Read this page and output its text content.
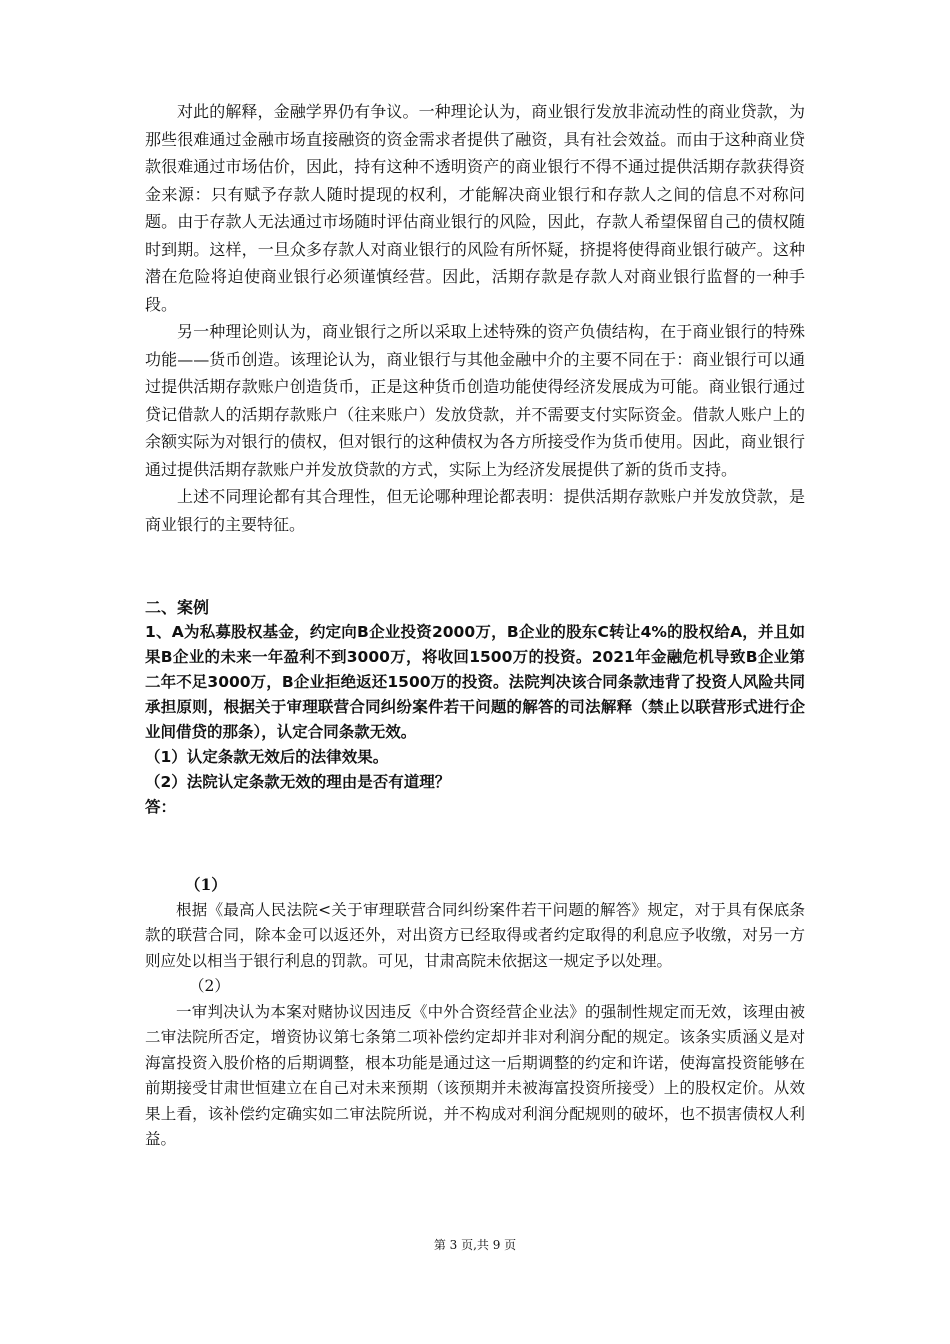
对此的解释，金融学界仍有争议。一种理论认为，商业银行发放非流动性的商业贷款，为那些很难通过金融市场直接融资的资金需求者提供了融资，具有社会效益。而由于这种商业贷款很难通过市场估价，因此，持有这种不透明资产的商业银行不得不通过提供活期存款获得资金来源：只有赋予存款人随时提现的权利，才能解决商业银行和存款人之间的信息不对称问题。由于存款人无法通过市场随时评估商业银行的风险，因此，存款人希望保留自己的债权随时到期。这样，一旦众多存款人对商业银行的风险有所怀疑，挤提将使得商业银行破产。这种潜在危险将迫使商业银行必须谨慎经营。因此，活期存款是存款人对商业银行监督的一种手段。

另一种理论则认为，商业银行之所以采取上述特殊的资产负债结构，在于商业银行的特殊功能——货币创造。该理论认为，商业银行与其他金融中介的主要不同在于：商业银行可以通过提供活期存款账户创造货币，正是这种货币创造功能使得经济发展成为可能。商业银行通过贷记借款人的活期存款账户（往来账户）发放贷款，并不需要支付实际资金。借款人账户上的余额实际为对银行的债权，但对银行的这种债权为各方所接受作为货币使用。因此，商业银行通过提供活期存款账户并发放贷款的方式，实际上为经济发展提供了新的货币支持。

上述不同理论都有其合理性，但无论哪种理论都表明：提供活期存款账户并发放贷款，是商业银行的主要特征。

二、案例

1、A为私募股权基金，约定向B企业投资2000万，B企业的股东C转让4%的股权给A，并且如果B企业的未来一年盈利不到3000万，将收回1500万的投资。2021年金融危机导致B企业第二年不足3000万，B企业拒绝返还1500万的投资。法院判决该合同条款违背了投资人风险共同承担原则，根据关于审理联营合同纠纷案件若干问题的解答的司法解释（禁止以联营形式进行企业间借贷的那条），认定合同条款无效。

（1）认定条款无效后的法律效果。

（2）法院认定条款无效的理由是否有道理？

答：

（1）

根据《最高人民法院<关于审理联营合同纠纷案件若干问题的解答》规定，对于具有保底条款的联营合同，除本金可以返还外，对出资方已经取得或者约定取得的利息应予收缴，对另一方则应处以相当于银行利息的罚款。可见，甘肃高院未依据这一规定予以处理。

（2）

一审判决认为本案对赌协议因违反《中外合资经营企业法》的强制性规定而无效，该理由被二审法院所否定，增资协议第七条第二项补偿约定却并非对利润分配的规定。该条实质涵义是对海富投资入股价格的后期调整，根本功能是通过这一后期调整的约定和许诺，使海富投资能够在前期接受甘肃世恒建立在自己对未来预期（该预期并未被海富投资所接受）上的股权定价。从效果上看，该补偿约定确实如二审法院所说，并不构成对利润分配规则的破坏，也不损害债权人利益。

第 3 页,共 9 页
